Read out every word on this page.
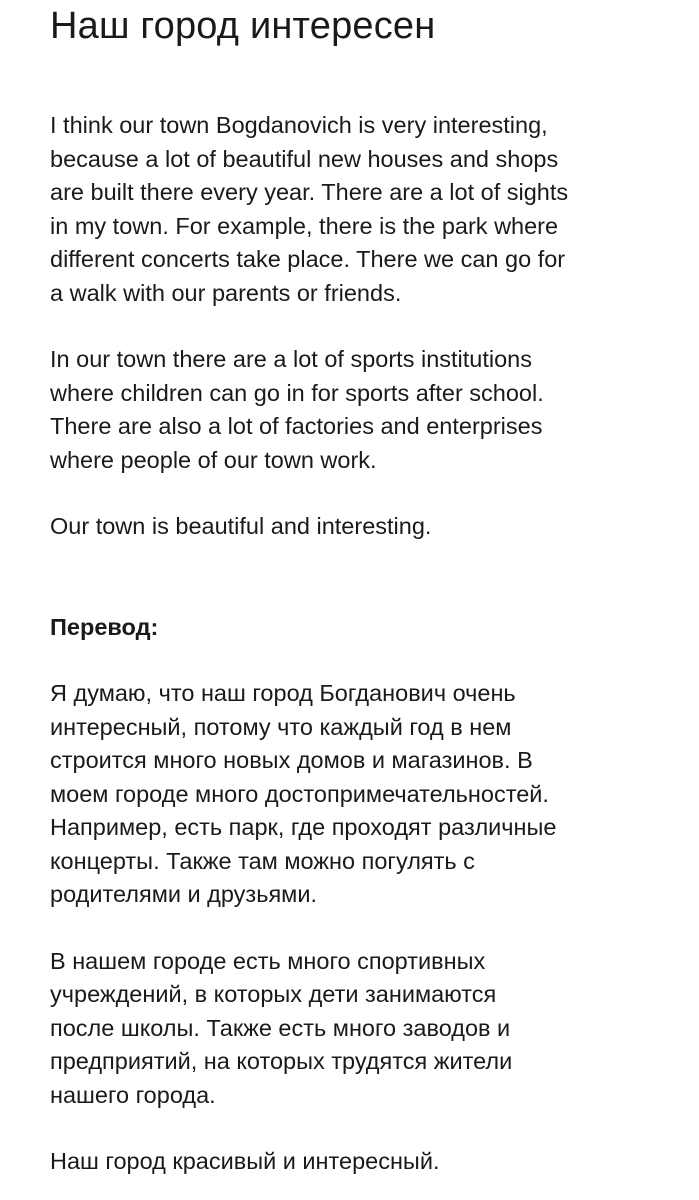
Наш город интересен

I think our town Bogdanovich is very interesting,
because a lot of beautiful new houses and shops
are built there every year. There are a lot of sights
in my town. For example, there is the park where
different concerts take place. There we can go for
a walk with our parents or friends.

In our town there are a lot of sports institutions
where children can go in for sports after school.
There are also a lot of factories and enterprises
where people of our town work.

Our town is beautiful and interesting.

Перевод:

Я думаю, что наш город Богданович очень
интересный, потому что каждый год в нем
строится много новых домов и магазинов. В
моем городе много достопримечательностей.
Например, есть парк, где проходят различные
концерты. Также там можно погулять с
родителями и друзьями.

В нашем городе есть много спортивных
учреждений, в которых дети занимаются
после школы. Также есть много заводов и
предприятий, на которых трудятся жители
нашего города.

Наш город красивый и интересный.
